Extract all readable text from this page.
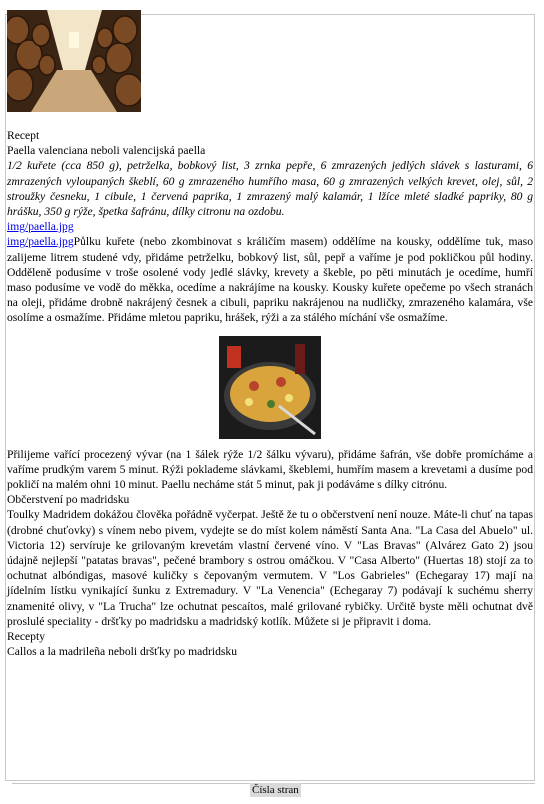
Recept
Paella valenciana neboli valencijská paella

1/2 kuřete (cca 850 g), petrželka, bobkový list, 3 zrnka pepře, 6 zmrazených jedlých slávek s lasturami, 6 zmrazených vyloupaných škeblí, 60 g zmrazeného humřího masa, 60 g zmrazených velkých krevet, olej, sůl, 2 stroužky česneku, 1 cibule, 1 červená paprika, 1 zmrazený malý kalamár, 1 lžíce mleté sladké papriky, 80 g hrášku, 350 g rýže, špetka šafránu, dílky citronu na ozdobu.

img/paella.jpg

img/paella.jpgPůlku kuřete (nebo zkombinovat s králičím masem) oddělíme na kousky, oddělíme tuk, maso zalijeme litrem studené vdy, přidáme petrželku, bobkový list, sůl, pepř a vaříme je pod pokličkou půl hodiny. Odděleně podusíme v troše osolené vody jedlé slávky, krevety a škeble, po pěti minutách je ocedíme, humří maso podusíme ve vodě do měkka, ocedíme a nakrájíme na kousky. Kousky kuřete opečeme po všech stranách na oleji, přidáme drobně nakrájený česnek a cibuli, papriku nakrájenou na nudličky, zmrazeného kalamára, vše osolíme a osmažíme. Přidáme mletou papriku, hrášek, rýži a za stálého míchání vše osmažíme.

Přilijeme vařící procezený vývar (na 1 šálek rýže 1/2 šálku vývaru), přidáme šafrán, vše dobře promícháme a vaříme prudkým varem 5 minut. Rýži poklademe slávkami, škeblemi, humřím masem a krevetami a dusíme pod pokličí na malém ohni 10 minut. Paellu necháme stát 5 minut, pak ji podáváme s dílky citrónu.

Občerstvení po madridsku

Toulky Madridem dokážou člověka pořádně vyčerpat. Ještě že tu o občerstvení není nouze. Máte-li chuť na tapas (drobné chuťovky) s vínem nebo pivem, vydejte se do míst kolem náměstí Santa Ana. "La Casa del Abuelo" ul. Victoria 12) servíruje ke grilovaným krevetám vlastní červené víno. V "Las Bravas" (Alvárez Gato 2) jsou údajně nejlepší "patatas bravas", pečené brambory s ostrou omáčkou. V "Casa Alberto" (Huertas 18) stojí za to ochutnat albóndigas, masové kuličky s čepovaným vermutem. V "Los Gabrieles" (Echegaray 17) mají na jídelním lístku vynikající šunku z Extremadury. V "La Venencia" (Echegaray 7) podávají k suchému sherry znamenité olivy, v "La Trucha" lze ochutnat pescaítos, malé grilované rybičky. Určitě byste měli ochutnat dvě proslulé speciality - dršťky po madridsku a madridský kotlík. Můžete si je připravit i doma.

Recepty
Callos a la madrileña neboli dršťky po madridsku
Čísla stran
